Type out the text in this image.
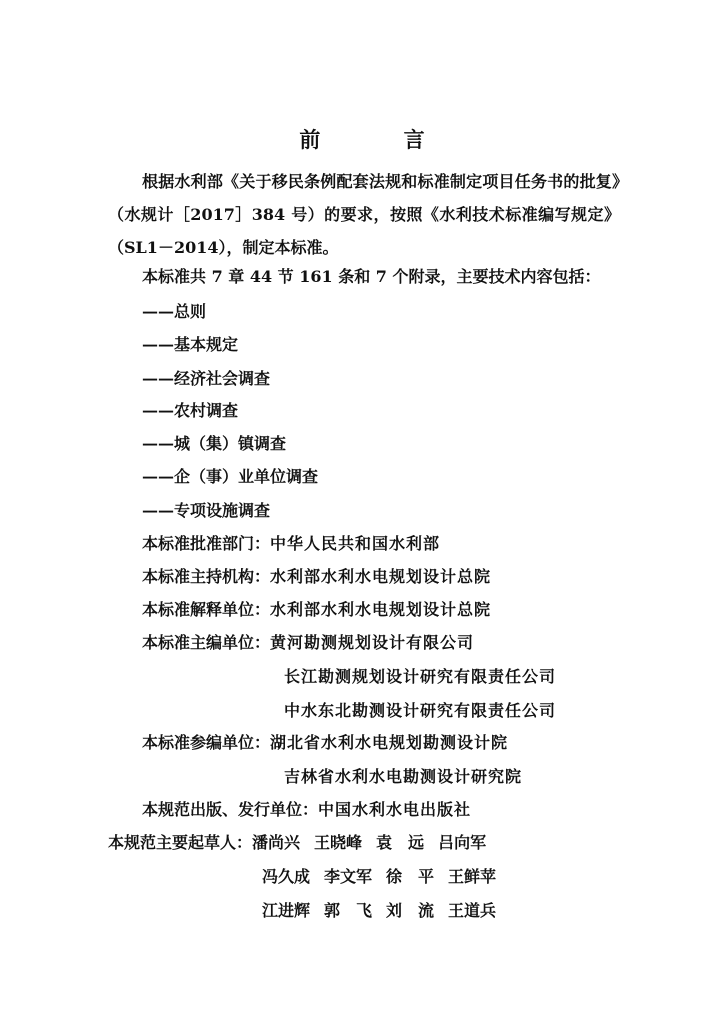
前 言

根据水利部《关于移民条例配套法规和标准制定项目任务书的批复》（水规计［2017］384 号）的要求，按照《水利技术标准编写规定》（SL1－2014），制定本标准。

本标准共 7 章 44 节 161 条和 7 个附录，主要技术内容包括：
——总则
——基本规定
——经济社会调查
——农村调查
——城（集）镇调查
——企（事）业单位调查
——专项设施调查
本标准批准部门：中华人民共和国水利部
本标准主持机构：水利部水利水电规划设计总院
本标准解释单位：水利部水利水电规划设计总院
本标准主编单位：黄河勘测规划设计有限公司
长江勘测规划设计研究有限责任公司
中水东北勘测设计研究有限责任公司
本标准参编单位：湖北省水利水电规划勘测设计院
吉林省水利水电勘测设计研究院
本规范出版、发行单位：中国水利水电出版社
本规范主要起草人：潘尚兴 王晓峰 袁　远 吕向军
冯久成 李文军 徐　平 王鲜苹
江进辉 郭　飞 刘　流 王道兵
